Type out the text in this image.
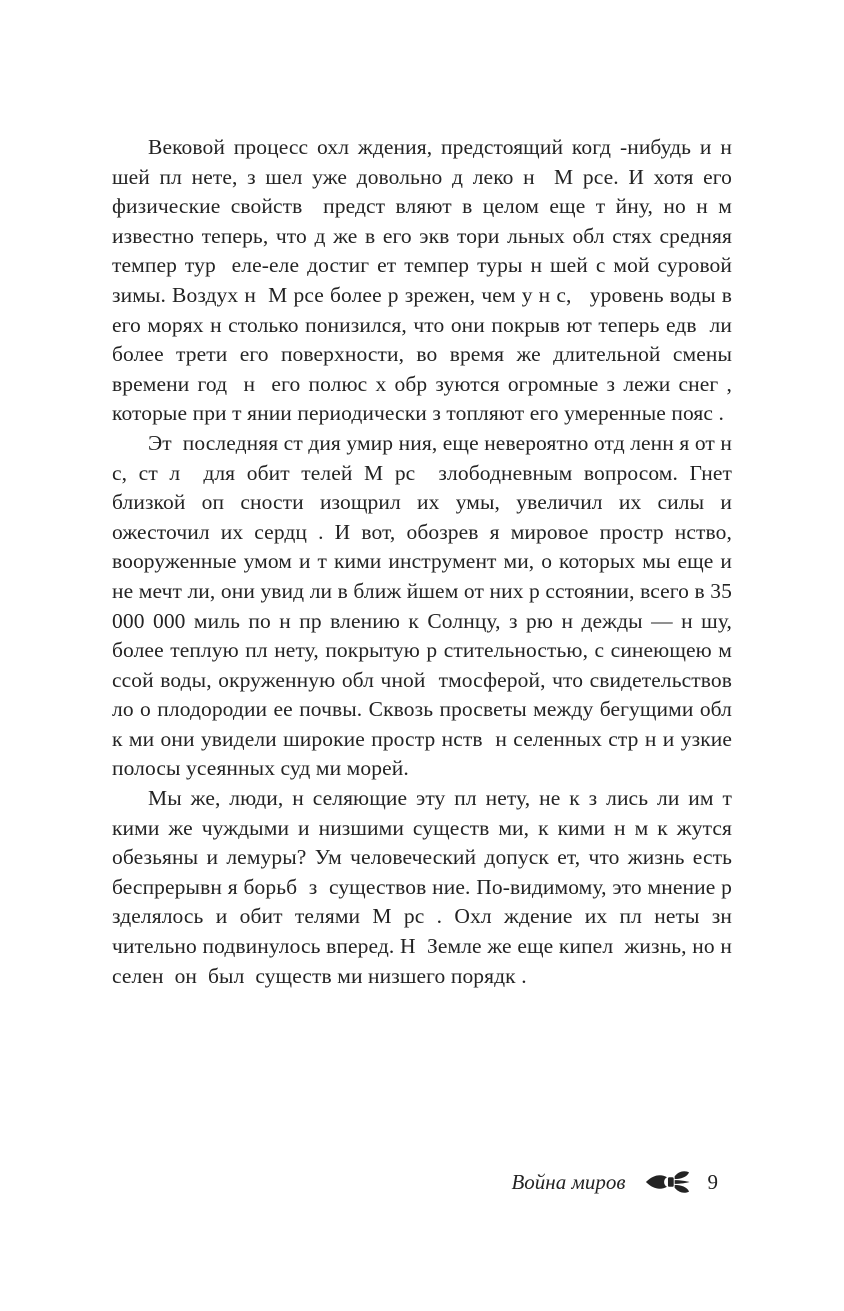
Вековой процесс охл ждения, предстоящий когд -нибудь и н шей пл нете, з шел уже довольно д леко н  М рсе. И хотя его физические свойств  предст вляют в целом еще т йну, но н м известно теперь, что д же в его экв тори льных обл стях средняя темпер тур  еле-еле достиг ет темпер туры н шей с мой суровой зимы. Воздух н  М рсе более р зрежен, чем у н с,   уровень воды в его морях н столько понизился, что они покрыв ют теперь едв  ли более трети его поверхности, во время же длительной смены времени год  н  его полюс х обр зуются огромные з лежи снег , которые при т янии периодически з топляют его умеренные пояс .

Эт  последняя ст дия умир ния, еще невероятно отд ленн я от н с, ст л  для обит телей М рс  злободневным вопросом. Гнет близкой оп сности изощрил их умы, увеличил их силы и ожесточил их сердц . И вот, обозрев я мировое простр нство, вооруженные умом и т кими инструмент ми, о которых мы еще и не мечт ли, они увид ли в ближ йшем от них р сстоянии, всего в 35 000 000 миль по н пр влению к Солнцу, з рю н дежды — н шу, более теплую пл нету, покрытую р стительностью, с синеющею м ссой воды, окруженную обл чной  тмосферой, что свидетельствов ло о плодородии ее почвы. Сквозь просветы между бегущими обл к ми они увидели широкие простр нств  н селенных стр н и узкие полосы усеянных суд ми морей.

Мы же, люди, н селяющие эту пл нету, не к з лись ли им т кими же чуждыми и низшими существ ми, к кими н м к жутся обезьяны и лемуры? Ум человеческий допуск ет, что жизнь есть беспрерывн я борьб  з  существов ние. По-видимому, это мнение р зделялось и обит телями М рс . Охл ждение их пл неты зн чительно подвинулось вперед. Н  Земле же еще кипел  жизнь, но н селен  он  был  существ ми низшего порядк .

Война миров	9
